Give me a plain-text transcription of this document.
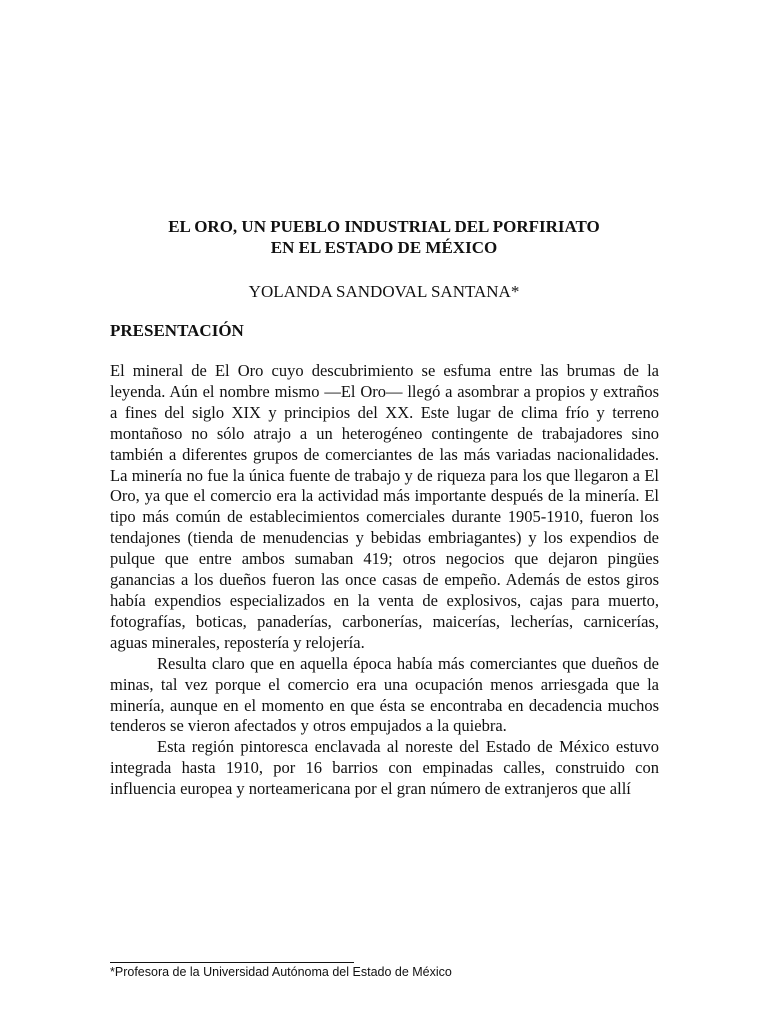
EL ORO, UN PUEBLO INDUSTRIAL DEL PORFIRIATO
EN EL ESTADO DE MÉXICO

YOLANDA SANDOVAL SANTANA*

PRESENTACIÓN

El mineral de El Oro cuyo descubrimiento se esfuma entre las brumas de la leyenda. Aún el nombre mismo —El Oro— llegó a asombrar a propios y extraños a fines del siglo XIX y principios del XX. Este lugar de clima frío y terreno montañoso no sólo atrajo a un heterogéneo contingente de trabajadores sino también a diferentes grupos de comerciantes de las más variadas nacionalidades. La minería no fue la única fuente de trabajo y de riqueza para los que llegaron a El Oro, ya que el comercio era la actividad más importante después de la minería. El tipo más común de establecimientos comerciales durante 1905-1910, fueron los tendajones (tienda de menudencias y bebidas embriagantes) y los expendios de pulque que entre ambos sumaban 419; otros negocios que dejaron pingües ganancias a los dueños fueron las once casas de empeño. Además de estos giros había expendios especializados en la venta de explosivos, cajas para muerto, fotografías, boticas, panaderías, carbonerías, maicerías, lecherías, carnicerías, aguas minerales, repostería y relojería.

Resulta claro que en aquella época había más comerciantes que dueños de minas, tal vez porque el comercio era una ocupación menos arriesgada que la minería, aunque en el momento en que ésta se encontraba en decadencia muchos tenderos se vieron afectados y otros empujados a la quiebra.

Esta región pintoresca enclavada al noreste del Estado de México estuvo integrada hasta 1910, por 16 barrios con empinadas calles, construido con influencia europea y norteamericana por el gran número de extranjeros que allí

*Profesora de la Universidad Autónoma del Estado de México
